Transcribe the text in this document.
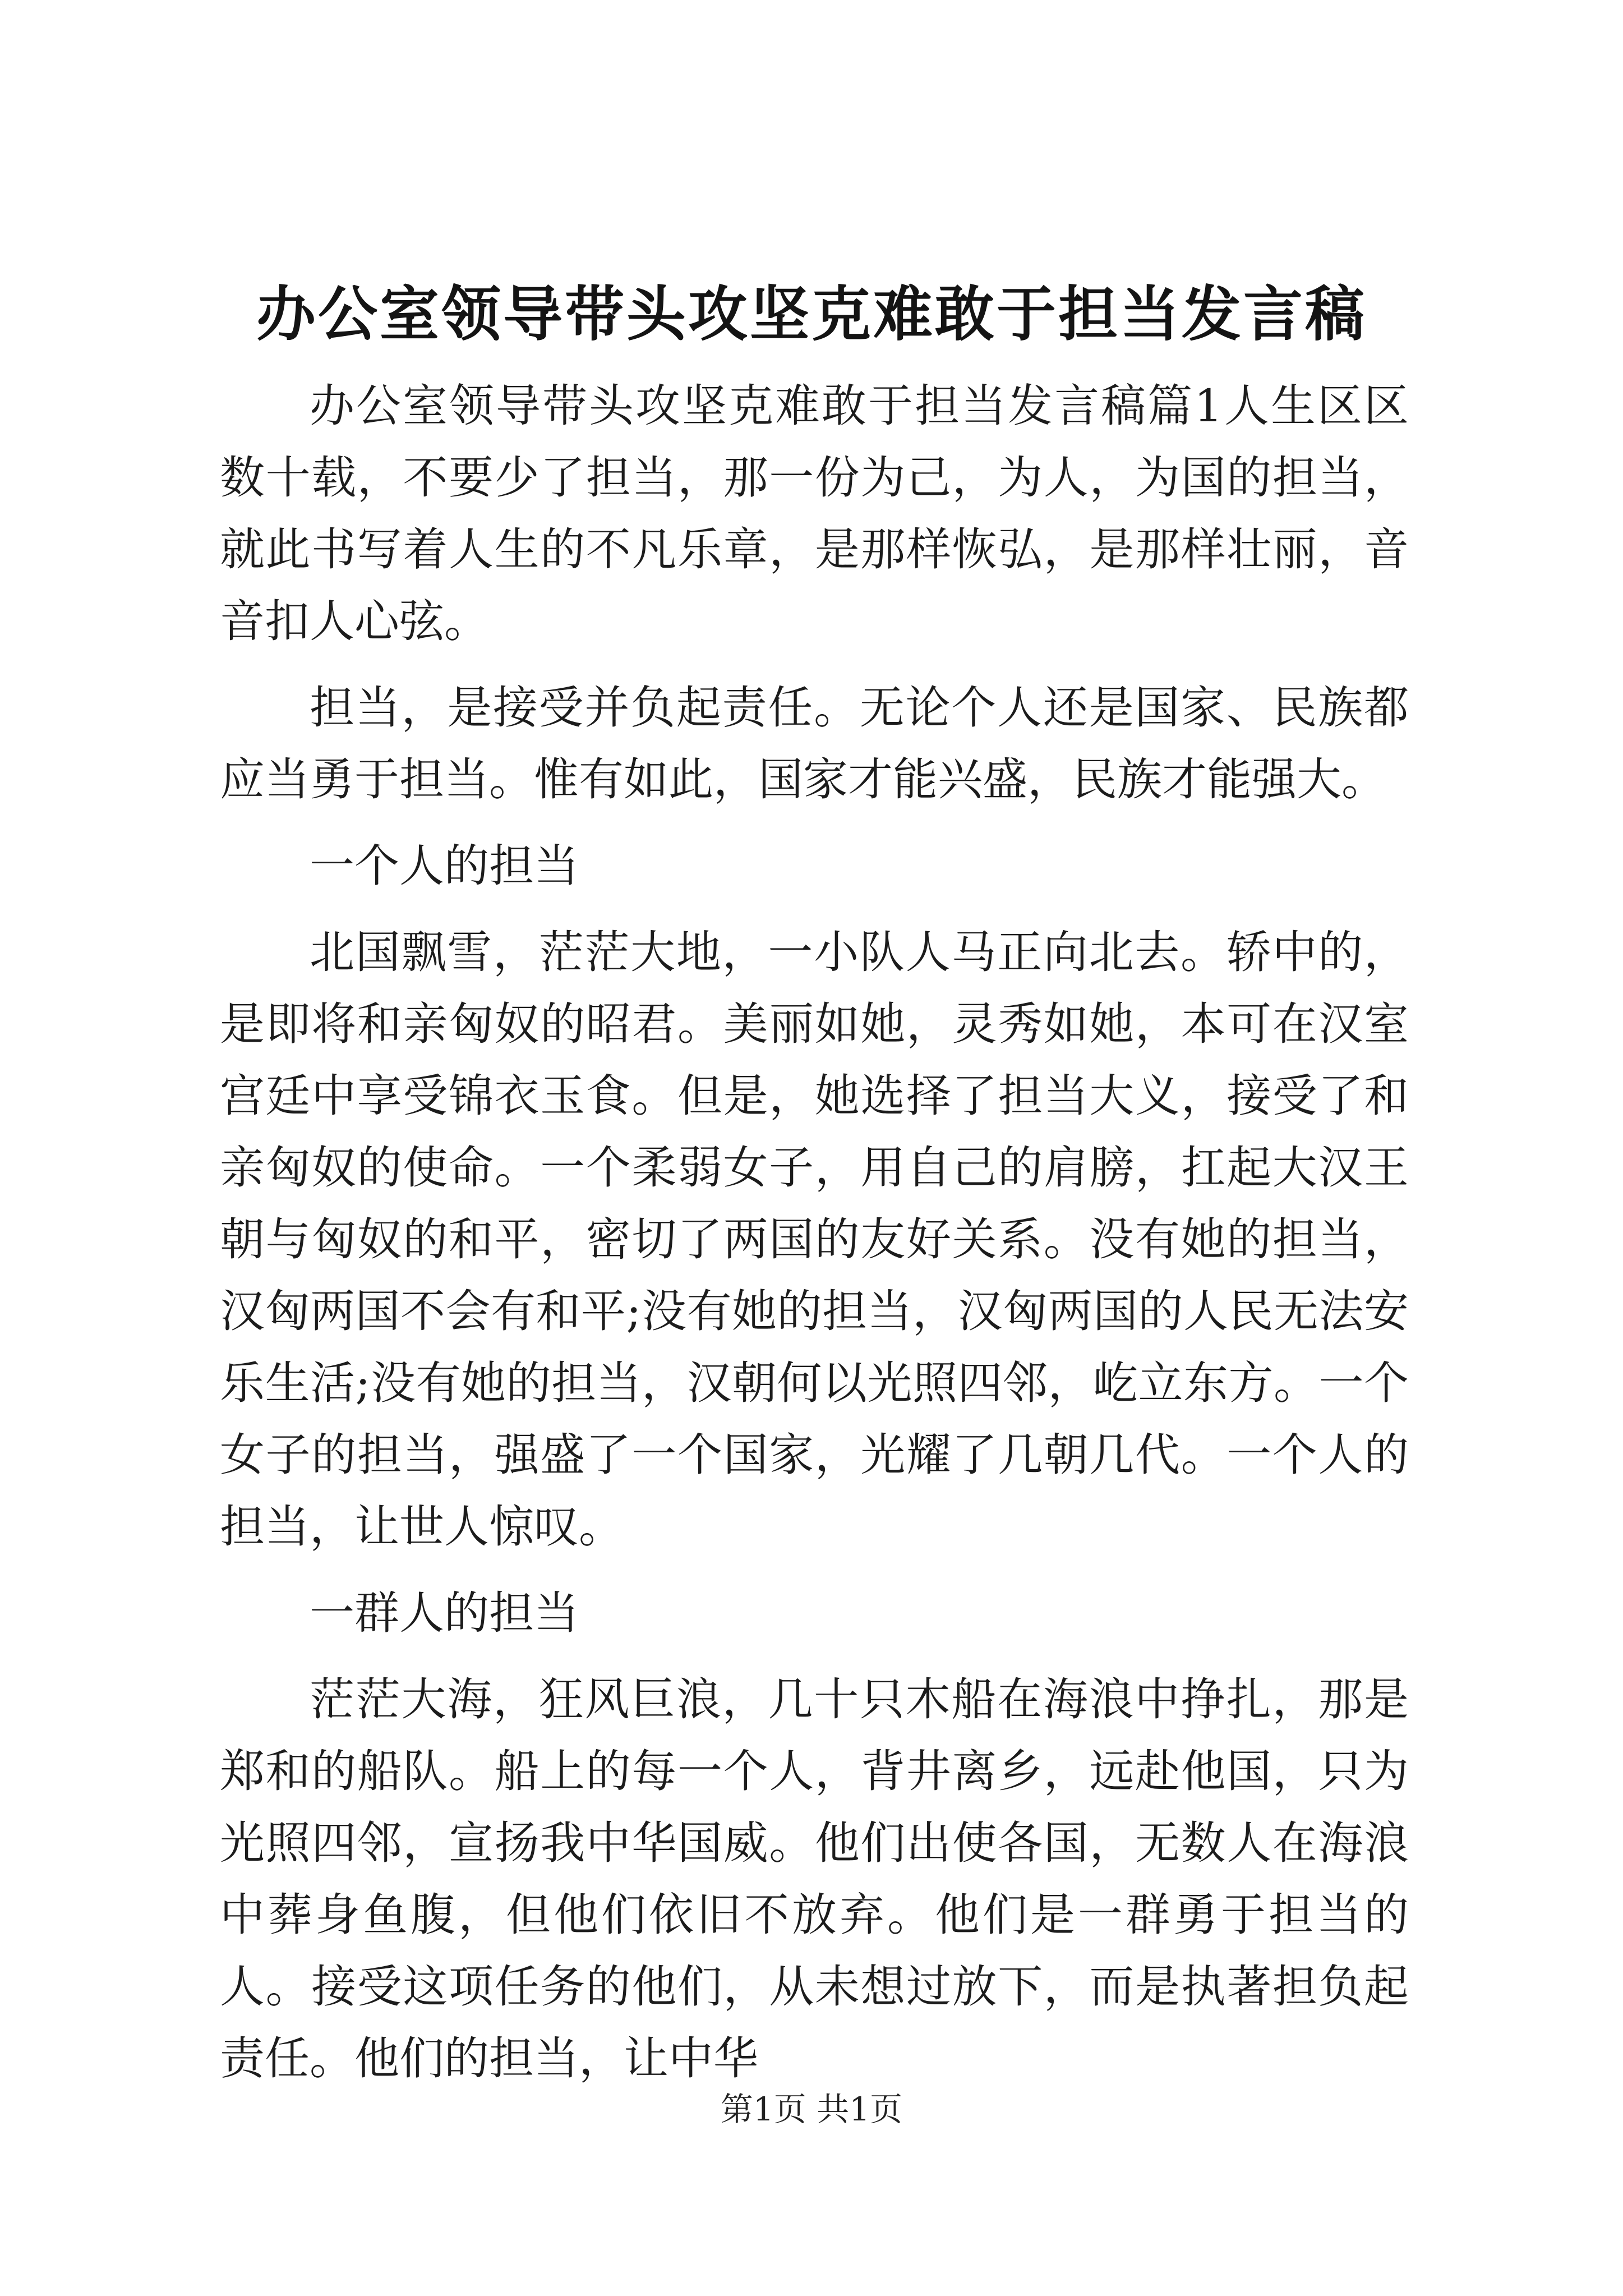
办公室领导带头攻坚克难敢于担当发言稿

办公室领导带头攻坚克难敢于担当发言稿篇1人生区区数十载，不要少了担当，那一份为己，为人，为国的担当，就此书写着人生的不凡乐章，是那样恢弘，是那样壮丽，音音扣人心弦。

担当，是接受并负起责任。无论个人还是国家、民族都应当勇于担当。惟有如此，国家才能兴盛，民族才能强大。

一个人的担当

北国飘雪，茫茫大地，一小队人马正向北去。轿中的，是即将和亲匈奴的昭君。美丽如她，灵秀如她，本可在汉室宫廷中享受锦衣玉食。但是，她选择了担当大义，接受了和亲匈奴的使命。一个柔弱女子，用自己的肩膀，扛起大汉王朝与匈奴的和平，密切了两国的友好关系。没有她的担当，汉匈两国不会有和平;没有她的担当，汉匈两国的人民无法安乐生活;没有她的担当，汉朝何以光照四邻，屹立东方。一个女子的担当，强盛了一个国家，光耀了几朝几代。一个人的担当，让世人惊叹。

一群人的担当

茫茫大海，狂风巨浪，几十只木船在海浪中挣扎，那是郑和的船队。船上的每一个人，背井离乡，远赴他国，只为光照四邻，宣扬我中华国威。他们出使各国，无数人在海浪中葬身鱼腹，但他们依旧不放弃。他们是一群勇于担当的人。接受这项任务的他们，从未想过放下，而是执著担负起责任。他们的担当，让中华

第1页 共1页
